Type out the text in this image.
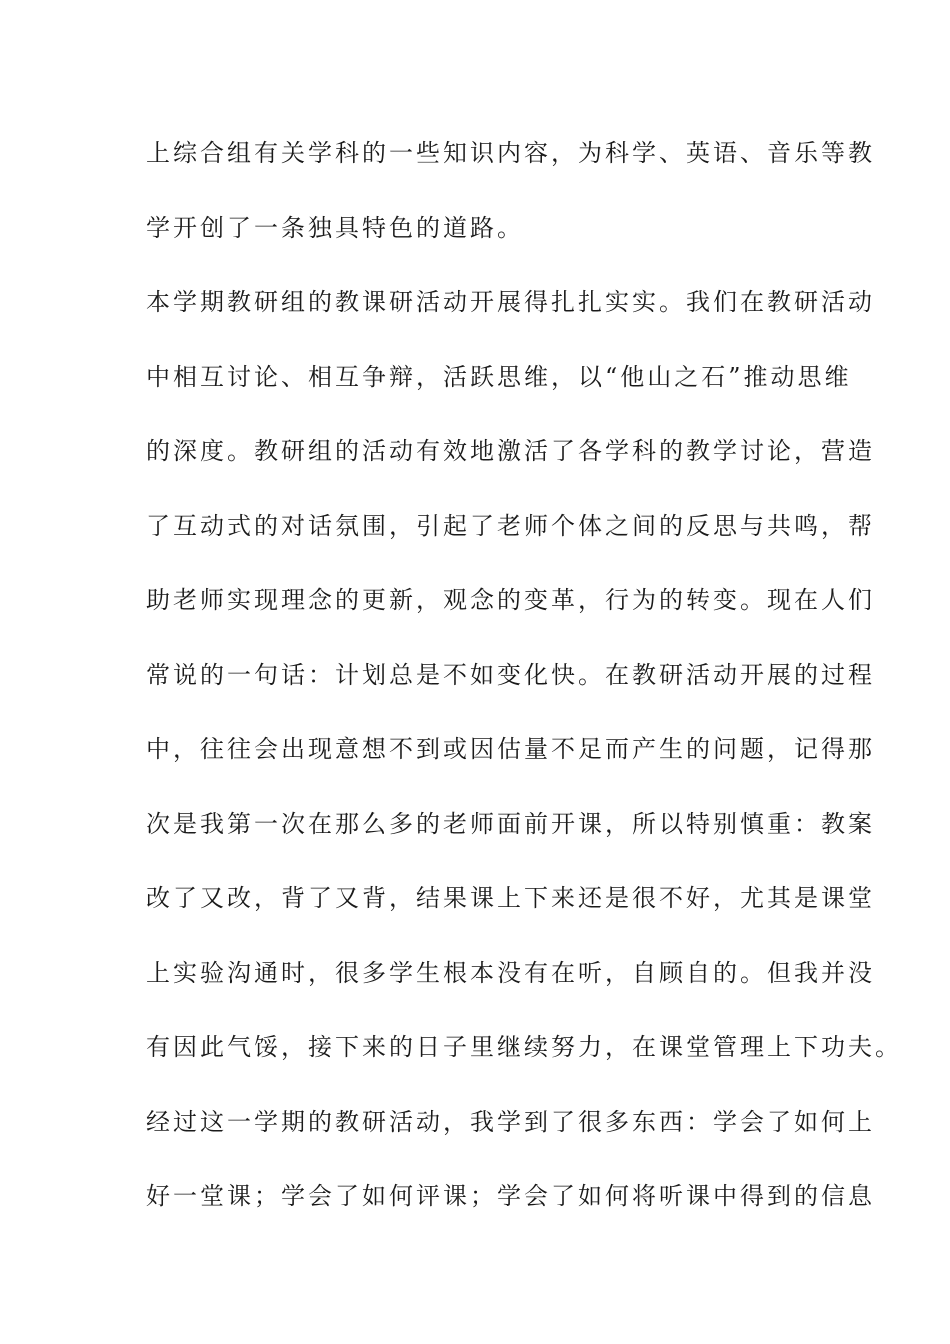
上综合组有关学科的一些知识内容，为科学、英语、音乐等教
学开创了一条独具特色的道路。
本学期教研组的教课研活动开展得扎扎实实。我们在教研活动
中相互讨论、相互争辩，活跃思维，以“他山之石”推动思维
的深度。教研组的活动有效地激活了各学科的教学讨论，营造
了互动式的对话氛围，引起了老师个体之间的反思与共鸣，帮
助老师实现理念的更新，观念的变革，行为的转变。现在人们
常说的一句话：计划总是不如变化快。在教研活动开展的过程
中，往往会出现意想不到或因估量不足而产生的问题，记得那
次是我第一次在那么多的老师面前开课，所以特别慎重：教案
改了又改，背了又背，结果课上下来还是很不好，尤其是课堂
上实验沟通时，很多学生根本没有在听，自顾自的。但我并没
有因此气馁，接下来的日子里继续努力，在课堂管理上下功夫。
经过这一学期的教研活动，我学到了很多东西：学会了如何上
好一堂课；学会了如何评课；学会了如何将听课中得到的信息
